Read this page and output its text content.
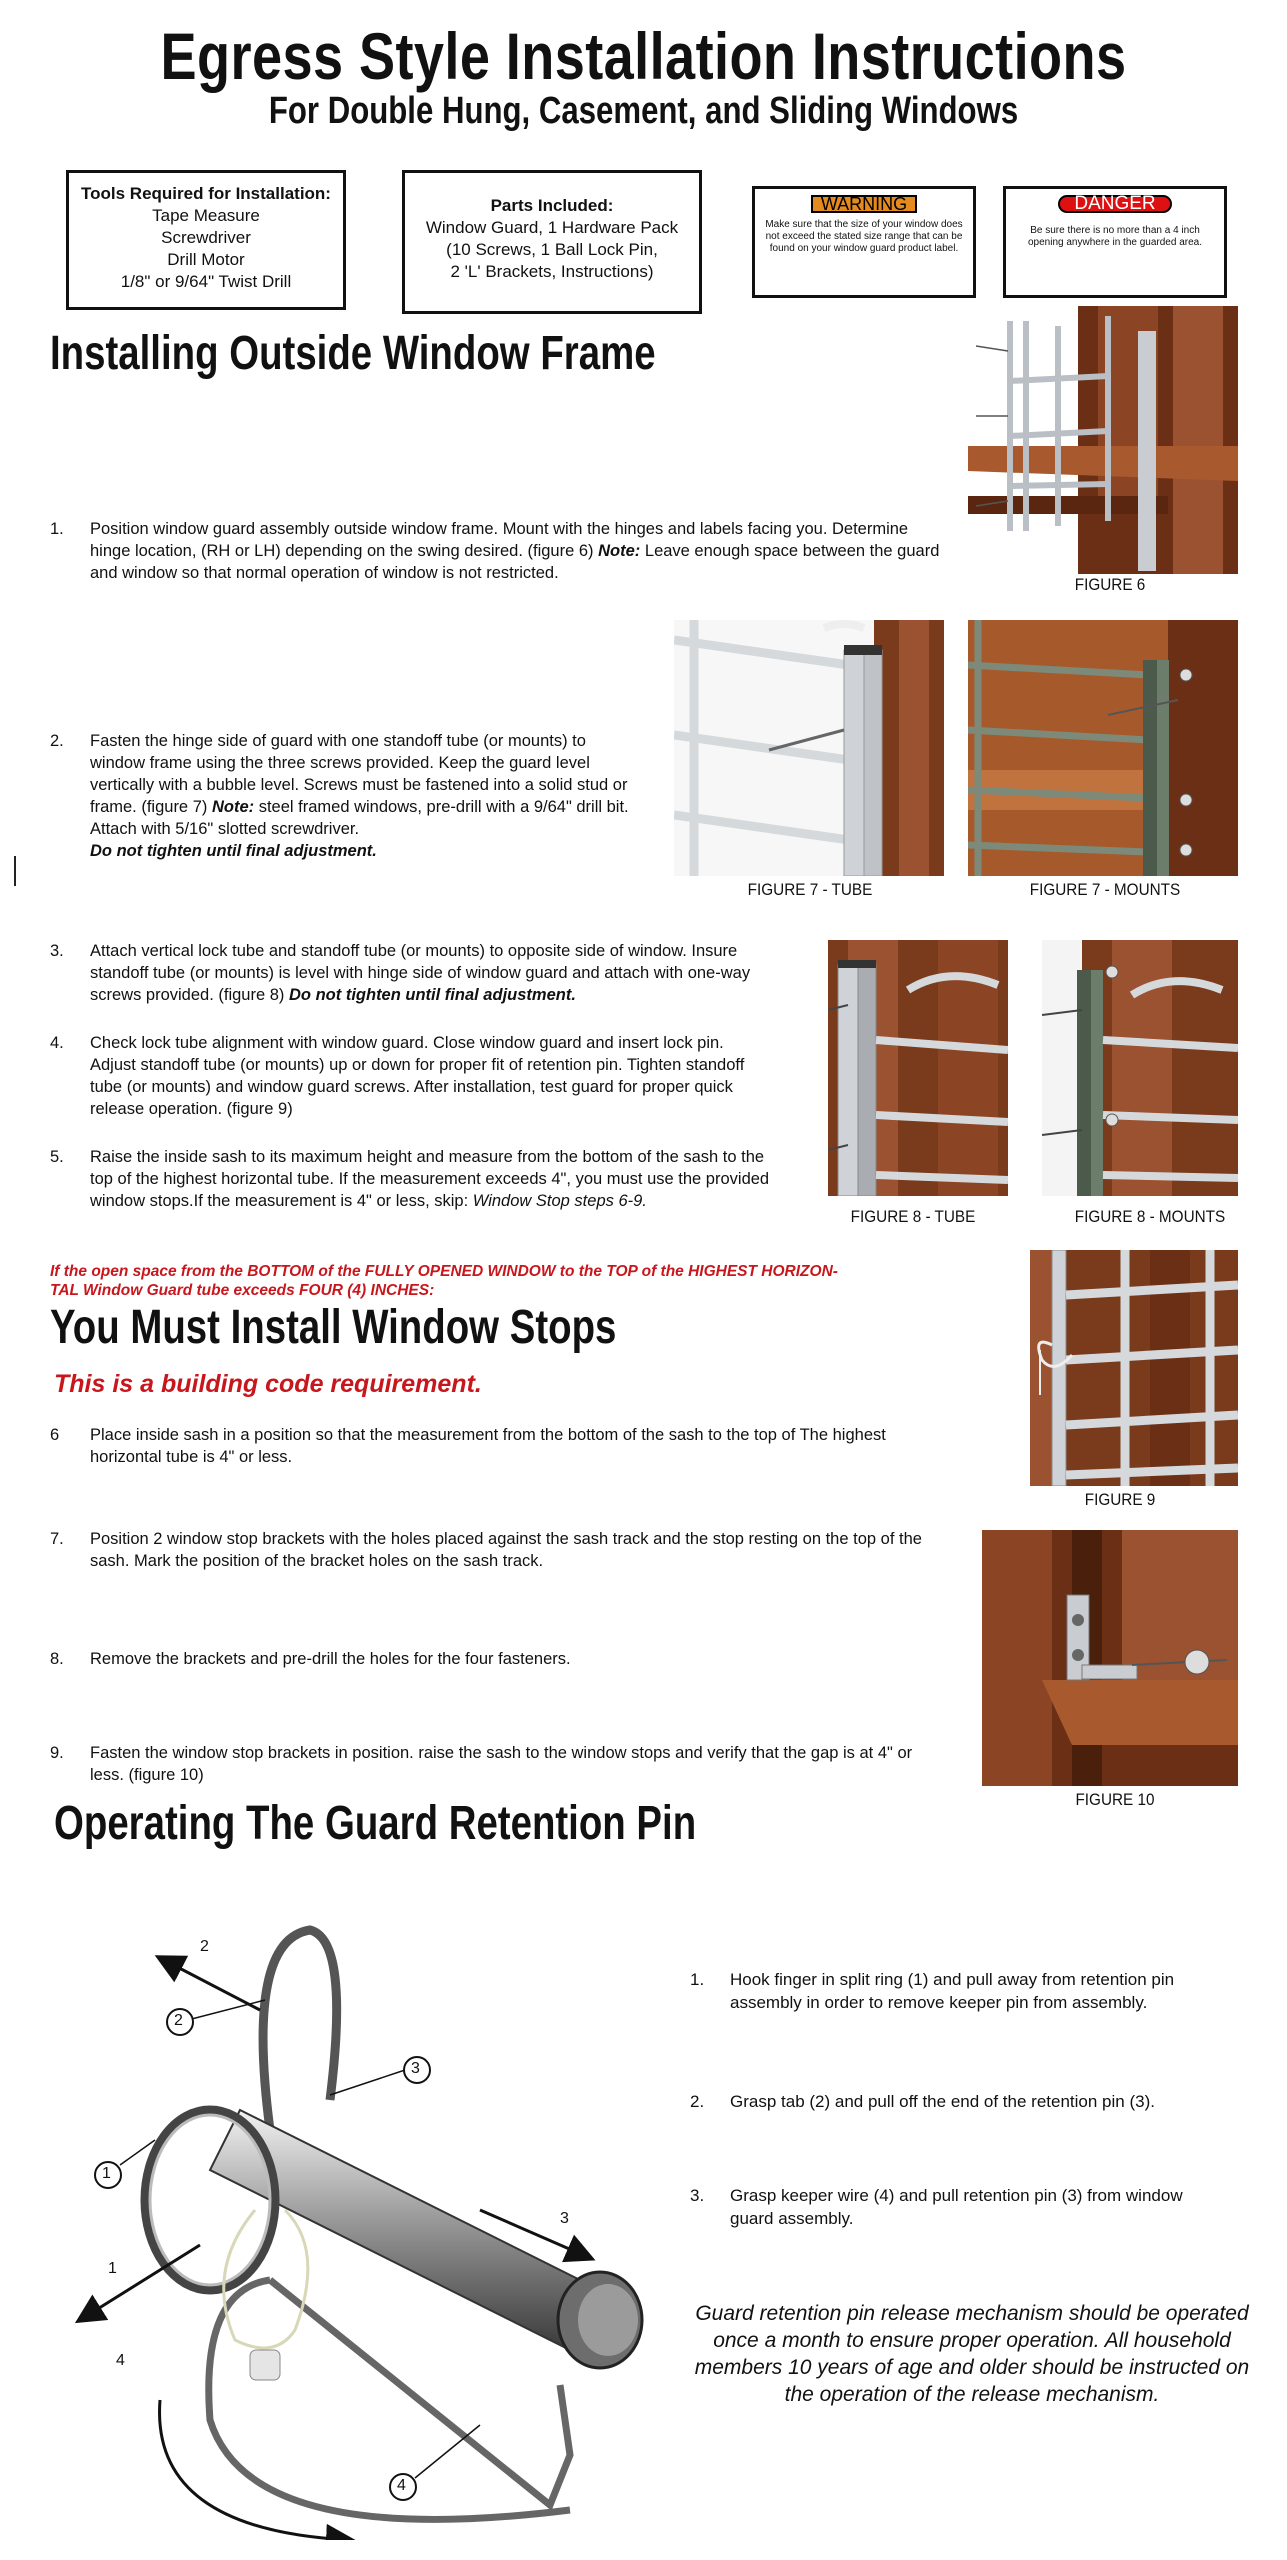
Egress Style Installation Instructions
For Double Hung, Casement, and Sliding Windows
Tools Required for Installation:
Tape Measure
Screwdriver
Drill Motor
1/8" or 9/64" Twist Drill
Parts Included:
Window Guard, 1 Hardware Pack
(10 Screws, 1 Ball Lock Pin,
2 'L' Brackets, Instructions)
WARNING
Make sure that the size of your window does not exceed the stated size range that can be found on your window guard product label.
DANGER
Be sure there is no more than a 4 inch opening anywhere in the guarded area.
Installing Outside Window Frame
FIGURE 6
1. Position window guard assembly outside window frame. Mount with the hinges and labels facing you. Determine hinge location, (RH or LH) depending on the swing desired. (figure 6) Note: Leave enough space between the guard and window so that normal operation of window is not restricted.
FIGURE 7 - TUBE	FIGURE 7 - MOUNTS
2. Fasten the hinge side of guard with one standoff tube (or mounts) to window frame using the three screws provided. Keep the guard level vertically with a bubble level. Screws must be fastened into a solid stud or frame. (figure 7) Note: steel framed windows, pre-drill with a 9/64" drill bit. Attach with 5/16" slotted screwdriver.
Do not tighten until final adjustment.
3. Attach vertical lock tube and standoff tube (or mounts) to opposite side of window. Insure standoff tube (or mounts) is level with hinge side of window guard and attach with one-way screws provided. (figure 8) Do not tighten until final adjustment.
4. Check lock tube alignment with window guard. Close window guard and insert lock pin. Adjust standoff tube (or mounts) up or down for proper fit of retention pin. Tighten standoff tube (or mounts) and window guard screws. After installation, test guard for proper quick release operation. (figure 9)
5. Raise the inside sash to its maximum height and measure from the bottom of the sash to the top of the highest horizontal tube. If the measurement exceeds 4", you must use the provided window stops.If the measurement is 4" or less, skip: Window Stop steps 6-9.
FIGURE 8 - TUBE	FIGURE 8 - MOUNTS
If the open space from the BOTTOM of the FULLY OPENED WINDOW to the TOP of the HIGHEST HORIZON-
TAL Window Guard tube exceeds FOUR (4) INCHES:
You Must Install Window Stops
This is a building code requirement.
FIGURE 9
6 Place inside sash in a position so that the measurement from the bottom of the sash to the top of The highest horizontal tube is 4" or less.
7. Position 2 window stop brackets with the holes placed against the sash track and the stop resting on the top of the sash. Mark the position of the bracket holes on the sash track.
8. Remove the brackets and pre-drill the holes for the four fasteners.
9. Fasten the window stop brackets in position. raise the sash to the window stops and verify that the gap is at 4" or less. (figure 10)
FIGURE 10
Operating The Guard Retention Pin
2
1
3
4
2
1
3
4
1. Hook finger in split ring (1) and pull away from retention pin assembly in order to remove keeper pin from assembly.
2. Grasp tab (2) and pull off the end of the retention pin (3).
3. Grasp keeper wire (4) and pull retention pin (3) from window guard assembly.
Guard retention pin release mechanism should be operated once a month to ensure proper operation. All household members 10 years of age and older should be instructed on the operation of the release mechanism.
